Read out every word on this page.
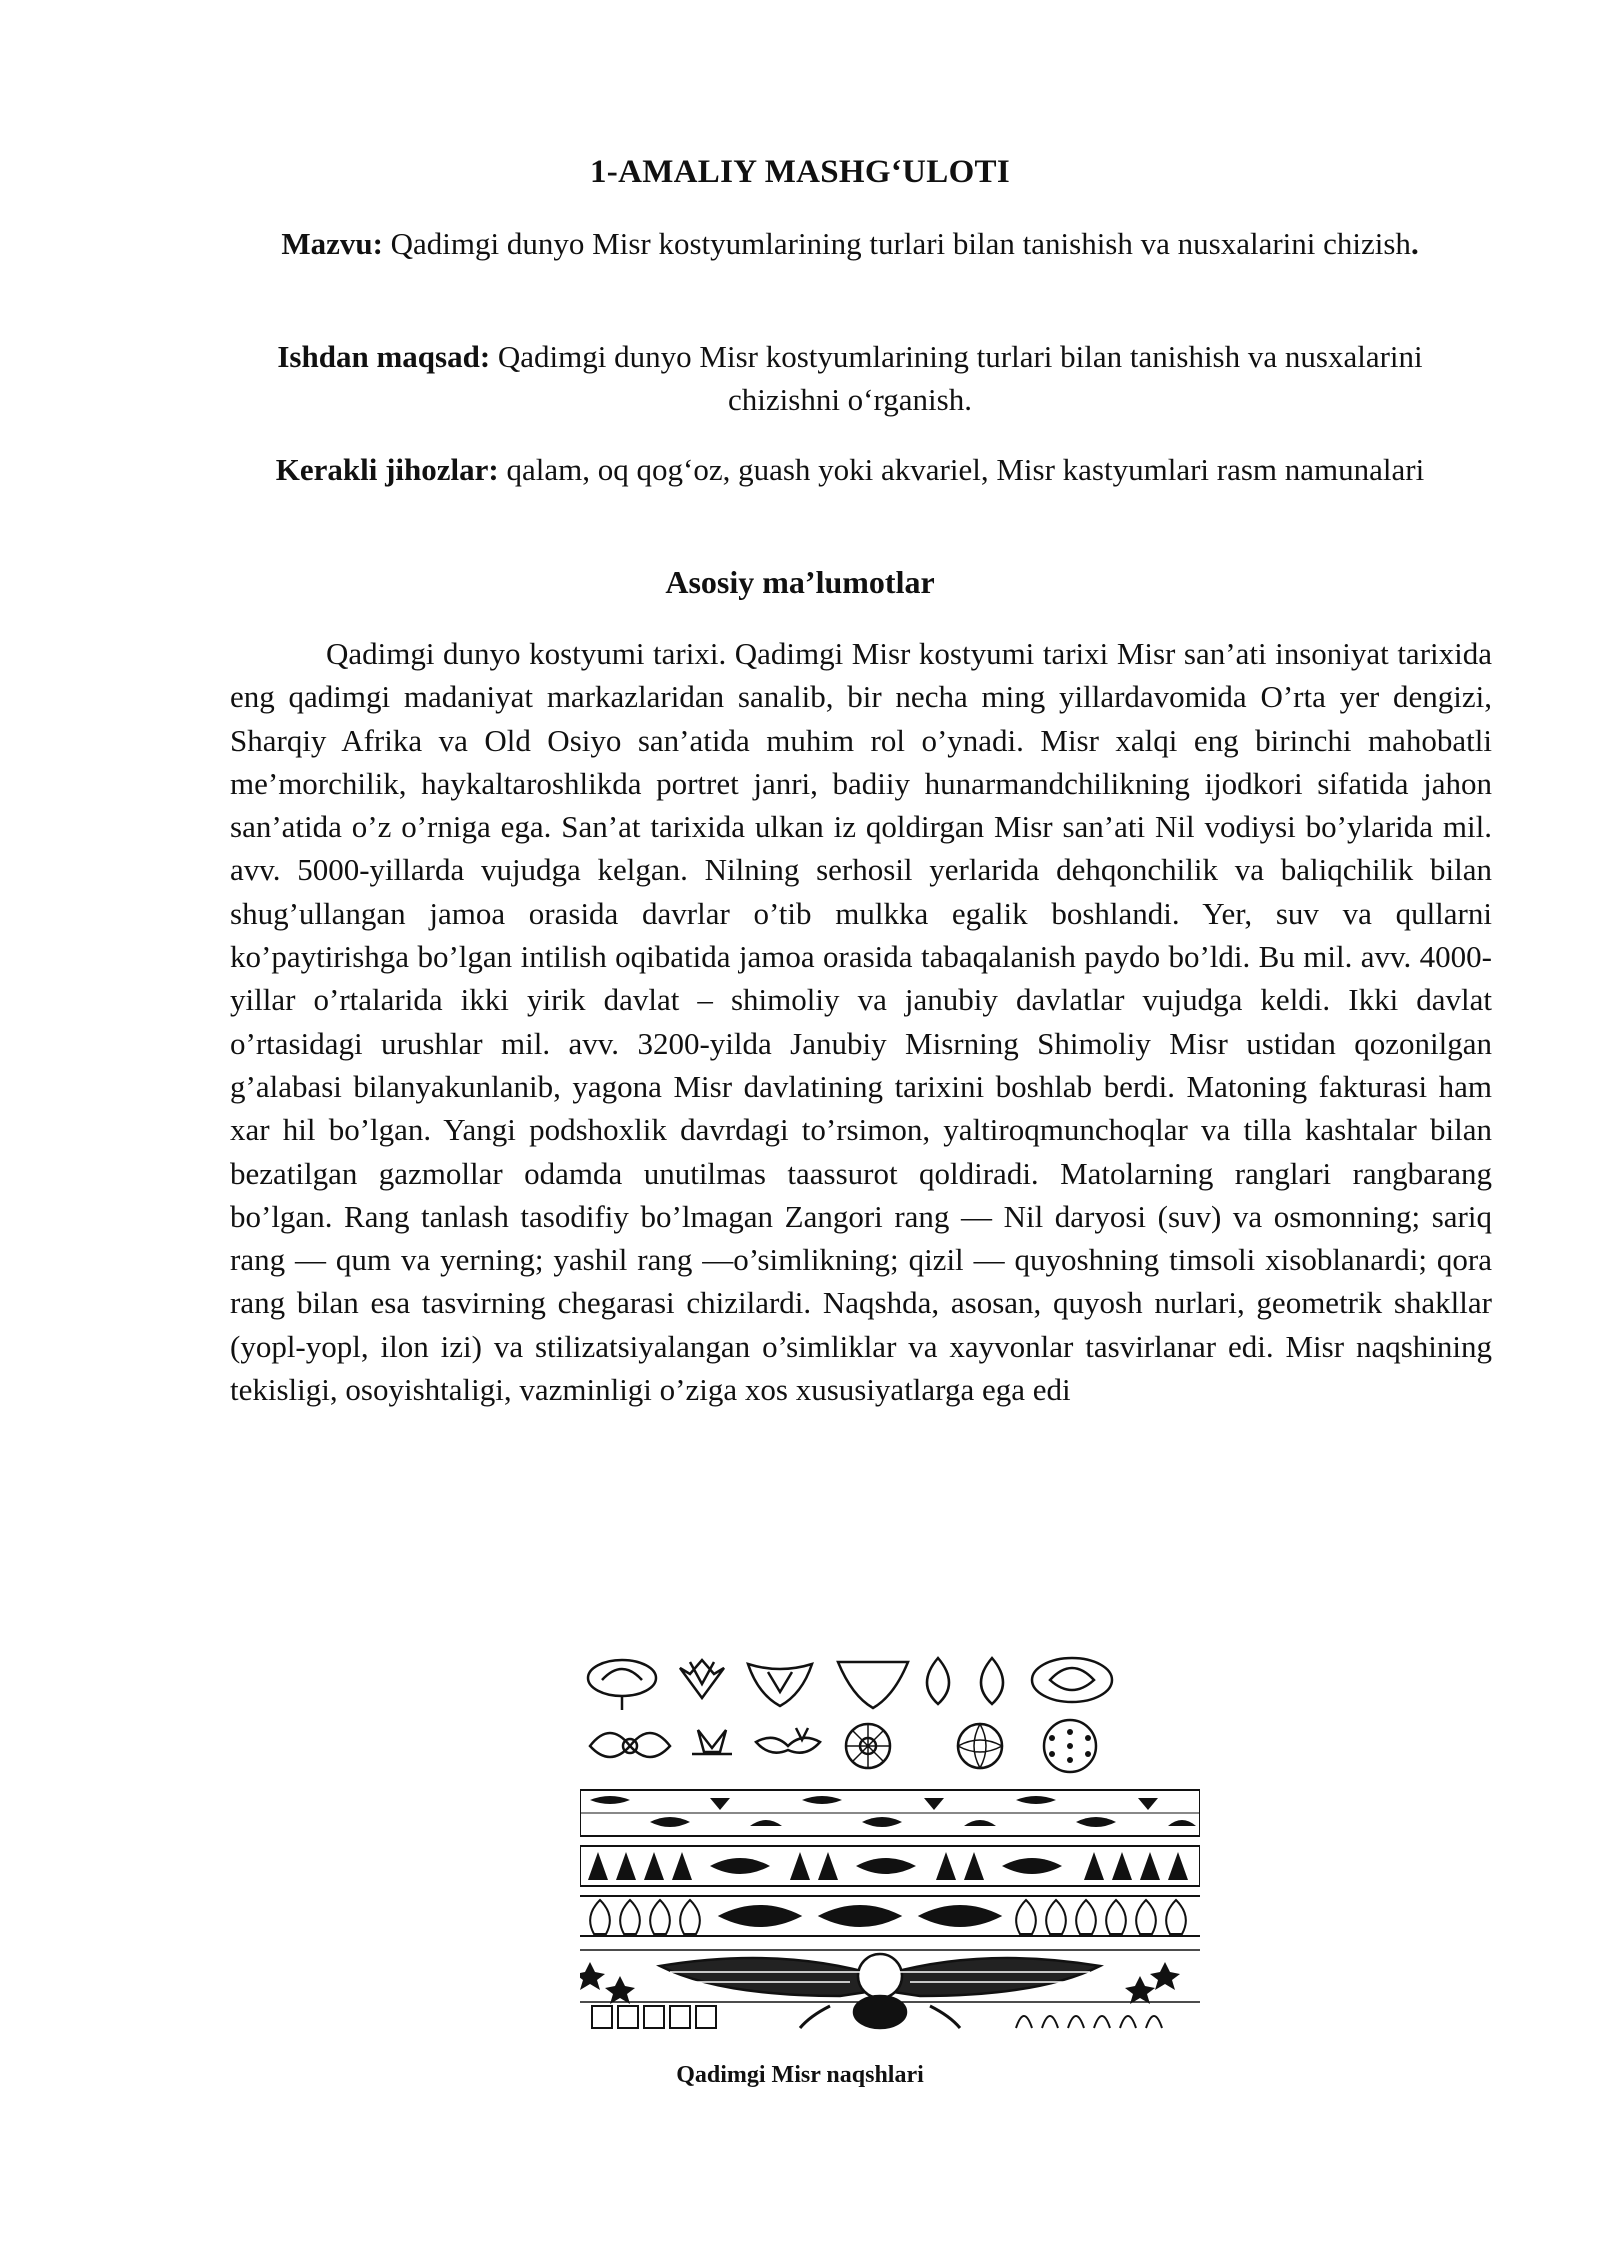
1-AMALIY MASHG‘ULOTI
Mazvu: Qadimgi dunyo Misr kostyumlarining turlari bilan tanishish va nusxalarini chizish.
Ishdan maqsad: Qadimgi dunyo Misr kostyumlarining turlari bilan tanishish va nusxalarini chizishni o‘rganish.
Kerakli jihozlar: qalam, oq qog‘oz, guash yoki akvariel, Misr kastyumlari rasm namunalari
Asosiy ma’lumotlar
Qadimgi dunyo kostyumi tarixi. Qadimgi Misr kostyumi tarixi Misr san’ati insoniyat tarixida eng qadimgi madaniyat markazlaridan sanalib, bir necha ming yillardavomida O’rta yer dengizi, Sharqiy Afrika va Old Osiyo san’atida muhim rol o’ynadi. Misr xalqi eng birinchi mahobatli me’morchilik, haykaltaroshlikda portret janri, badiiy hunarmandchilikning ijodkori sifatida jahon san’atida o’z o’rniga ega. San’at tarixida ulkan iz qoldirgan Misr san’ati Nil vodiysi bo’ylarida mil. avv. 5000-yillarda vujudga kelgan. Nilning serhosil yerlarida dehqonchilik va baliqchilik bilan shug’ullangan jamoa orasida davrlar o’tib mulkka egalik boshlandi. Yer, suv va qullarni ko’paytirishga bo’lgan intilish oqibatida jamoa orasida tabaqalanish paydo bo’ldi. Bu mil. avv. 4000-yillar o’rtalarida ikki yirik davlat – shimoliy va janubiy davlatlar vujudga keldi. Ikki davlat o’rtasidagi urushlar mil. avv. 3200-yilda Janubiy Misrning Shimoliy Misr ustidan qozonilgan g’alabasi bilanyakunlanib, yagona Misr davlatining tarixini boshlab berdi. Matoning fakturasi ham xar hil bo’lgan. Yangi podshoxlik davrdagi to’rsimon, yaltiroqmunchoqlar va tilla kashtalar bilan bezatilgan gazmollar odamda unutilmas taassurot qoldiradi. Matolarning ranglari rangbarang bo’lgan. Rang tanlash tasodifiy bo’lmagan Zangori rang — Nil daryosi (suv) va osmonning; sariq rang — qum va yerning; yashil rang —o’simlikning; qizil — quyoshning timsoli xisoblanardi; qora rang bilan esa tasvirning chegarasi chizilardi. Naqshda, asosan, quyosh nurlari, geometrik shakllar (yopl-yopl, ilon izi) va stilizatsiyalangan o’simliklar va xayvonlar tasvirlanar edi. Misr naqshining tekisligi, osoyishtaligi, vazminligi o’ziga xos xususiyatlarga ega edi
Qadimgi Misr naqshlari
